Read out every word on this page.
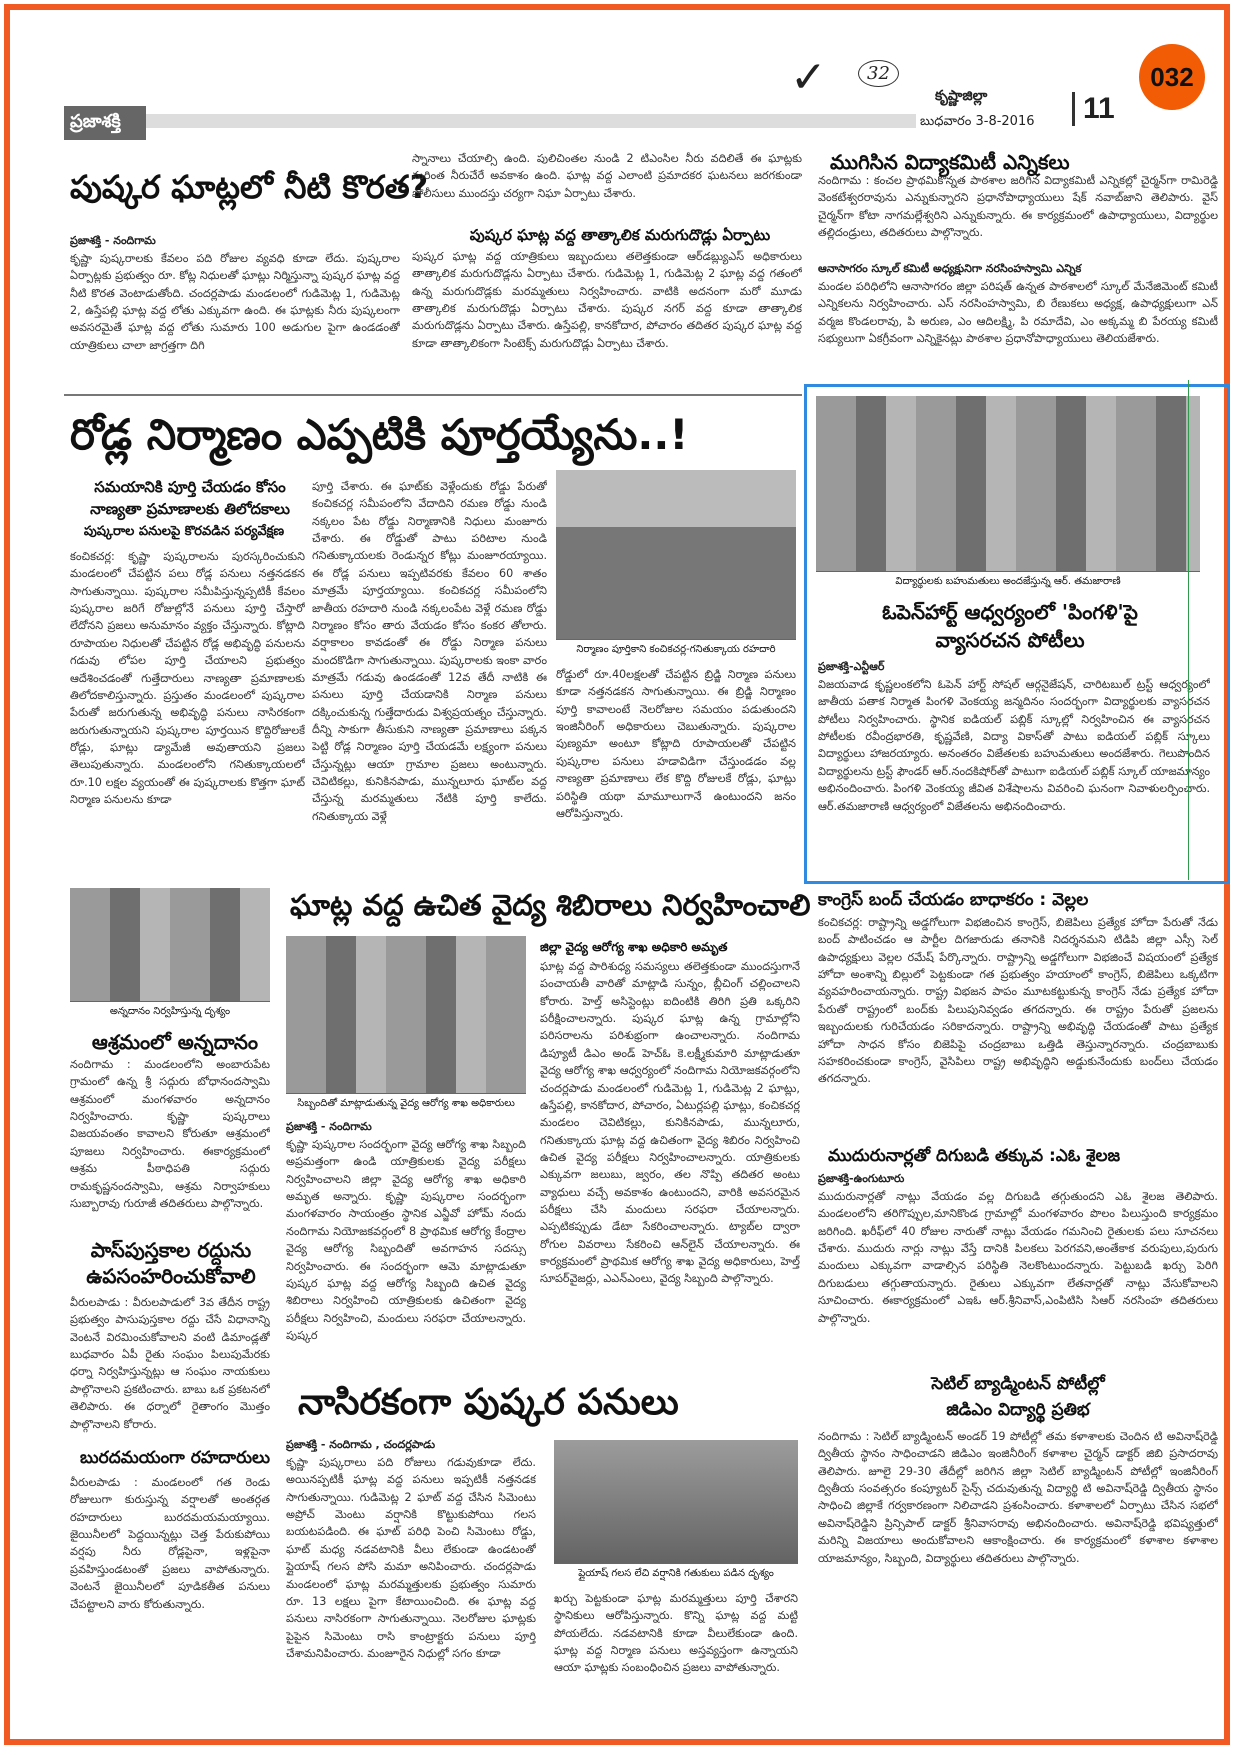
032
✓	32
ప్రజాశక్తి
కృష్ణాజిల్లా
బుధవారం 3-8-2016	11
పుష్కర ఘాట్లలో నీటి కొరత?
ప్రజాశక్తి - నందిగామ
కృష్ణా పుష్కరాలకు కేవలం పది రోజుల వ్యవధి కూడా లేదు. పుష్కరాల ఏర్పాట్లకు ప్రభుత్వం రూ. కోట్ల నిధులతో ఘాట్లు నిర్మిస్తున్నా పుష్కర ఘాట్ల వద్ద నీటి కొరత వెంటాడుతోంది. చందర్లపాడు మండలంలో గుడిమెట్ల 1, గుడిమెట్ల 2, ఉస్తేపల్లి ఘాట్ల వద్ద లోతు ఎక్కువగా ఉంది. ఈ ఘాట్లకు నీరు పుష్కలంగా అవసరమైతే ఘాట్ల వద్ద లోతు సుమారు 100 అడుగుల పైగా ఉండడంతో యాత్రికులు చాలా జాగ్రత్తగా దిగి
స్నానాలు చేయాల్సి ఉంది. పులిచింతల నుండి 2 టిఎంసిల నీరు వదిలితే ఈ ఘాట్లకు మరింత నీరుచేరే అవకాశం ఉంది. ఘాట్ల వద్ద ఎలాంటి ప్రమాదకర ఘటనలు జరగకుండా పోలీసులు ముందస్తు చర్యగా నిఘా ఏర్పాటు చేశారు.
పుష్కర ఘాట్ల వద్ద తాత్కాలిక మరుగుదొడ్లు ఏర్పాటు
పుష్కర ఘాట్ల వద్ద యాత్రికులు ఇబ్బందులు తలెత్తకుండా ఆర్‌డబ్ల్యుఎస్ అధికారులు తాత్కాలిక మరుగుదొడ్లను ఏర్పాటు చేశారు. గుడిమెట్ల 1, గుడిమెట్ల 2 ఘాట్ల వద్ద గతంలో ఉన్న మరుగుదొడ్లకు మరమ్మతులు నిర్వహించారు. వాటికి అదనంగా మరో మూడు తాత్కాలిక మరుగుదొడ్లు ఏర్పాటు చేశారు. పుష్కర నగర్ వద్ద కూడా తాత్కాలిక మరుగుదొడ్లను ఏర్పాటు చేశారు. ఉస్తేపల్లి, కానకోదార, పోచారం తదితర పుష్కర ఘాట్ల వద్ద కూడా తాత్కాలికంగా సింటెక్స్ మరుగుదొడ్లు ఏర్పాటు చేశారు.
ముగిసిన విద్యాకమిటీ ఎన్నికలు
నందిగామ : కంచల ప్రాథమికోన్నత పాఠశాల జరిగిన విద్యాకమిటీ ఎన్నికల్లో చైర్మన్‌గా రామిరెడ్డి వెంకటేశ్వరరావును ఎన్నుకున్నారని ప్రధానోపాధ్యాయులు షేక్ నవాబ్‌జాని తెలిపారు. వైస్ చైర్మన్‌గా కోటా నాగమల్లేశ్వరిని ఎన్నుకున్నారు. ఈ కార్యక్రమంలో ఉపాధ్యాయులు, విద్యార్థుల తల్లిదండ్రులు, తదితరులు పాల్గొన్నారు.
ఆనాసాగరం స్కూల్ కమిటీ అధ్యక్షునిగా నరసింహస్వామి ఎన్నిక
మండల పరిధిలోని ఆనాసాగరం జిల్లా పరిషత్ ఉన్నత పాఠశాలలో స్కూల్ మేనేజిమెంట్ కమిటీ ఎన్నికలను నిర్వహించారు. ఎస్ నరసింహస్వామి, బి రేణుకలు అధ్యక్ష, ఉపాధ్యక్షులుగా ఎన్ వర్మజ కొండలరావు, పి అరుణ, ఎం ఆదిలక్ష్మి, పి రమాదేవి, ఎం అక్కమ్మ బి పేరయ్య కమిటీ సభ్యులుగా ఏకగ్రీవంగా ఎన్నికైనట్లు పాఠశాల ప్రధానోపాధ్యాయులు తెలియజేశారు.
రోడ్ల నిర్మాణం ఎప్పటికి పూర్తయ్యేను..!
సమయానికి పూర్తి చేయడం కోసం
నాణ్యతా ప్రమాణాలకు తిలోదకాలు
పుష్కరాల పనులపై కొరవడిన పర్యవేక్షణ
కంచికచర్ల: కృష్ణా పుష్కరాలను పురస్కరించుకుని మండలంలో చేపట్టిన పలు రోడ్ల పనులు నత్తనడకన సాగుతున్నాయి. పుష్కరాల సమీపిస్తున్నప్పటికీ కేవలం పుష్కరాల జరిగే రోజుల్లోనే పనులు పూర్తి చేస్తారో లేదోనని ప్రజలు అనుమానం వ్యక్తం చేస్తున్నారు. కోట్లాది రూపాయల నిధులతో చేపట్టిన రోడ్ల అభివృద్ధి పనులను గడువు లోపల పూర్తి చేయాలని ప్రభుత్వం ఆదేశించడంతో గుత్తేదారులు నాణ్యతా ప్రమాణాలకు తిలోదకాలిస్తున్నారు. ప్రస్తుతం మండలంలో పుష్కరాల పేరుతో జరుగుతున్న అభివృద్ధి పనులు నాసిరకంగా జరుగుతున్నాయని పుష్కరాల పూర్తయిన కొద్దిరోజులకే రోడ్లు, ఘాట్లు డ్యామేజీ అవుతాయని ప్రజలు తెలుపుతున్నారు. మండలంలోని గనితుక్కాయలలో రూ.10 లక్షల వ్యయంతో ఈ పుష్కరాలకు కొత్తగా ఘాట్ నిర్మాణ పనులను కూడా
పూర్తి చేశారు. ఈ ఘాట్‌కు వెళ్లేందుకు రోడ్డు పేరుతో కంచికచర్ల సమీపంలోని వేదాదిని రమణ రోడ్డు నుండి నక్కలం పేట రోడ్డు నిర్మాణానికి నిధులు మంజూరు చేశారు. ఈ రోడ్డుతో పాటు పరిటాల నుండి గనితుక్కాయలకు రెండున్నర కోట్లు మంజూరయ్యాయి. ఈ రోడ్ల పనులు ఇప్పటివరకు కేవలం 60 శాతం మాత్రమే పూర్తయ్యాయి. కంచికచర్ల సమీపంలోని జాతీయ రహదారి నుండి నక్కలంపేట వెళ్లే రమణ రోడ్డు నిర్మాణం కోసం తారు వేయడం కోసం కంకర తోలారు. వర్షాకాలం కావడంతో ఈ రోడ్డు నిర్మాణ పనులు మందకొడిగా సాగుతున్నాయి. పుష్కరాలకు ఇంకా వారం మాత్రమే గడువు ఉండడంతో 12వ తేదీ నాటికి ఈ పనులు పూర్తి చేయడానికి నిర్మాణ పనులు దక్కించుకున్న గుత్తేదారుడు విశ్వప్రయత్నం చేస్తున్నారు. దీన్ని సాకుగా తీసుకుని నాణ్యతా ప్రమాణాలు పక్కన పెట్టి రోడ్ల నిర్మాణం పూర్తి చేయడమే లక్ష్యంగా పనులు చేస్తున్నట్లు ఆయా గ్రామాల ప్రజలు అంటున్నారు. చెవిటికల్లు, కునికినపాడు, మున్నలూరు ఘాట్‌ల వద్ద చేస్తున్న మరమ్మతులు నేటికి పూర్తి కాలేదు. గనితుక్కాయ వెళ్లే
నిర్మాణం పూర్తికాని కంచికచర్ల-గనితుక్కాయ రహదారి
రోడ్డులో రూ.40లక్షలతో చేపట్టిన బ్రిడ్జి నిర్మాణ పనులు కూడా నత్తనడకన సాగుతున్నాయి. ఈ బ్రిడ్జి నిర్మాణం పూర్తి కావాలంటే నెలరోజుల సమయం పడుతుందని ఇంజినీరింగ్ అధికారులు చెబుతున్నారు. పుష్కరాల పుణ్యమా అంటూ కోట్లాది రూపాయలతో చేపట్టిన పుష్కరాల పనులు హడావిడిగా చేస్తుండడం వల్ల నాణ్యతా ప్రమాణాలు లేక కొద్ది రోజులకే రోడ్లు, ఘాట్లు పరిస్థితి యథా మామూలుగానే ఉంటుందని జనం ఆరోపిస్తున్నారు.
విద్యార్థులకు బహుమతులు అందజేస్తున్న ఆర్. తమజారాణి
ఓపెన్‌హార్ట్ ఆధ్వర్యంలో 'పింగళి'పై
వ్యాసరచన పోటీలు
ప్రజాశక్తి-ఎన్టీఆర్
విజయవాడ కృష్ణలంకలోని ఓపెన్ హార్ట్ సోషల్ ఆర్గనైజేషన్, చారిటబుల్ ట్రస్ట్ ఆధ్వర్యంలో జాతీయ పతాక నిర్మాత పింగళి వెంకయ్య జన్మదినం సందర్భంగా విద్యార్థులకు వ్యాసరచన పోటీలు నిర్వహించారు. స్థానిక ఐడియల్ పబ్లిక్ స్కూల్లో నిర్వహించిన ఈ వ్యాసరచన పోటీలకు రవీంద్రభారతి, కృష్ణవేణి, విద్యా వికాస్‌తో పాటు ఐడియల్ పబ్లిక్ స్కూలు విద్యార్థులు హాజరయ్యారు. అనంతరం విజేతలకు బహుమతులు అందజేశారు. గెలుపొందిన విద్యార్థులను ట్రస్ట్ ఫౌండర్ ఆర్.నందకిషోర్‌తో పాటుగా ఐడియల్ పబ్లిక్ స్కూల్ యాజమాన్యం అభినందించారు. పింగళి వెంకయ్య జీవిత విశేషాలను వివరించి ఘనంగా నివాళులర్పించారు. ఆర్.తమజారాణి ఆధ్వర్యంలో విజేతలను అభినందించారు.
కాంగ్రెస్ బంద్ చేయడం బాధాకరం : వెల్లల
కంచికచర్ల: రాష్ట్రాన్ని అడ్డగోలుగా విభజించిన కాంగ్రెస్, బిజెపిలు ప్రత్యేక హోదా పేరుతో నేడు బంద్ పాటించడం ఆ పార్టీల దిగజారుడు తనానికి నిదర్శనమని టిడిపి జిల్లా ఎస్సీ సెల్ ఉపాధ్యక్షులు వెల్లల రమేష్ పేర్కొన్నారు. రాష్ట్రాన్ని అడ్డగోలుగా విభజించే విషయంలో ప్రత్యేక హోదా అంశాన్ని బిల్లులో పెట్టకుండా గత ప్రభుత్వం హయాంలో కాంగ్రెస్, బిజెపిలు ఒక్కటిగా వ్యవహరించాయన్నారు. రాష్ట్ర విభజన పాపం మూటకట్టుకున్న కాంగ్రెస్ నేడు ప్రత్యేక హోదా పేరుతో రాష్ట్రంలో బంద్‌కు పిలుపునివ్వడం తగదన్నారు. ఈ రాష్ట్రం పేరుతో ప్రజలను ఇబ్బందులకు గురిచేయడం సరికాదన్నారు. రాష్ట్రాన్ని అభివృద్ధి చేయడంతో పాటు ప్రత్యేక హోదా సాధన కోసం బిజెపిపై చంద్రబాబు ఒత్తిడి తెస్తున్నారన్నారు. చంద్రబాబుకు సహకరించకుండా కాంగ్రెస్, వైసిపిలు రాష్ట్ర అభివృద్ధిని అడ్డుకునేందుకు బంద్‌లు చేయడం తగదన్నారు.
అన్నదానం నిర్వహిస్తున్న దృశ్యం
ఆశ్రమంలో అన్నదానం
నందిగామ : మండలంలోని అంబారుపేట గ్రామంలో ఉన్న శ్రీ సద్గురు బోధానందస్వామి ఆశ్రమంలో మంగళవారం అన్నదానం నిర్వహించారు. కృష్ణా పుష్కరాలు విజయవంతం కావాలని కోరుతూ ఆశ్రమంలో పూజలు నిర్వహించారు. ఈకార్యక్రమంలో ఆశ్రమ పీఠాధిపతి సద్గురు రామకృష్ణనందస్వామి, ఆశ్రమ నిర్వాహకులు సుబ్బారావు గురూజీ తదితరులు పాల్గొన్నారు.
పాస్‌పుస్తకాల రద్దును
ఉపసంహరించుకోవాలి
వీరులపాడు : వీరులపాడులో 3వ తేదీన రాష్ట్ర ప్రభుత్వం పాసుపుస్తకాల రద్దు చేసే విధానాన్ని వెంటనే విరమించుకోవాలని వంటి డిమాండ్లతో బుధవారం ఏపీ రైతు సంఘం పిలుపుమేరకు ధర్నా నిర్వహిస్తున్నట్లు ఆ సంఘం నాయకులు పాల్గొనాలని ప్రకటించారు. బాబు ఒక ప్రకటనలో తెలిపారు. ఈ ధర్నాలో రైతాంగం మొత్తం పాల్గొనాలని కోరారు.
బురదమయంగా రహదారులు
వీరులపాడు : మండలంలో గత రెండు రోజులుగా కురుస్తున్న వర్షాలతో అంతర్గత రహదారులు బురదమయమయ్యాయి. జైయినీలలో పెద్దయిన్నట్లు చెత్త పేరుకుపోయి వర్షపు నీరు రోడ్లపైనా, ఇళ్లపైనా ప్రవహిస్తుండటంతో ప్రజలు వాపోతున్నారు. వెంటనే జైయినీలలో పూడికతీత పనులు చేపట్టాలని వారు కోరుతున్నారు.
ఘాట్ల వద్ద ఉచిత వైద్య శిబిరాలు నిర్వహించాలి
సిబ్బందితో మాట్లాడుతున్న వైద్య ఆరోగ్య శాఖ అధికారులు
ప్రజాశక్తి - నందిగామ
కృష్ణా పుష్కరాల సందర్భంగా వైద్య ఆరోగ్య శాఖ సిబ్బంది అప్రమత్తంగా ఉండి యాత్రికులకు వైద్య పరీక్షలు నిర్వహించాలని జిల్లా వైద్య ఆరోగ్య శాఖ అధికారి అమృత అన్నారు. కృష్ణా పుష్కరాల సందర్భంగా మంగళవారం సాయంత్రం స్థానిక ఎన్జీవో హోమ్ నందు నందిగామ నియోజకవర్గంలో 8 ప్రాథమిక ఆరోగ్య కేంద్రాల వైద్య ఆరోగ్య సిబ్బందితో అవగాహన సదస్సు నిర్వహించారు. ఈ సందర్భంగా ఆమె మాట్లాడుతూ పుష్కర ఘాట్ల వద్ద ఆరోగ్య సిబ్బంది ఉచిత వైద్య శిబిరాలు నిర్వహించి యాత్రికులకు ఉచితంగా వైద్య పరీక్షలు నిర్వహించి, మందులు సరఫరా చేయాలన్నారు. పుష్కర
జిల్లా వైద్య ఆరోగ్య శాఖ అధికారి అమృత
ఘాట్ల వద్ద పారిశుధ్య సమస్యలు తలెత్తకుండా ముందస్తుగానే పంచాయతీ వారితో మాట్లాడి సున్నం, బ్లీచింగ్ చల్లించాలని కోరారు. హెల్త్ అసిస్టెంట్లు ఐదింటికి తిరిగి ప్రతి ఒక్కరిని పరీక్షించాలన్నారు. పుష్కర ఘాట్ల ఉన్న గ్రామాల్లోని పరిసరాలను పరిశుభ్రంగా ఉంచాలన్నారు. నందిగామ డిప్యూటీ డిఎం అండ్ హెచ్‌ఓ కె.లక్ష్మీకుమారి మాట్లాడుతూ వైద్య ఆరోగ్య శాఖ ఆధ్వర్యంలో నందిగామ నియోజకవర్గంలోని చందర్లపాడు మండలంలో గుడిమెట్ల 1, గుడిమెట్ల 2 ఘాట్లు, ఉస్తేపల్లి, కానకోదార, పోచారం, ఏటుర్లపల్లి ఘాట్లు, కంచికచర్ల మండలం చెవిటికల్లు, కునికినపాడు, మున్నలూరు, గనితుక్కాయ ఘాట్ల వద్ద ఉచితంగా వైద్య శిబిరం నిర్వహించి ఉచిత వైద్య పరీక్షలు నిర్వహించాలన్నారు. యాత్రికులకు ఎక్కువగా జలుబు, జ్వరం, తల నొప్పి తదితర అంటు వ్యాధులు వచ్చే అవకాశం ఉంటుందని, వారికి అవసరమైన పరీక్షలు చేసి మందులు సరఫరా చేయాలన్నారు. ఎప్పటికప్పుడు డేటా సేకరించాలన్నారు. ట్యాబ్‌ల ద్వారా రోగుల వివరాలు సేకరించి ఆన్‌లైన్ చేయాలన్నారు. ఈ కార్యక్రమంలో ప్రాథమిక ఆరోగ్య శాఖ వైద్య అధికారులు, హెల్త్ సూపర్‌వైజర్లు, ఎఎన్ఎంలు, వైద్య సిబ్బంది పాల్గొన్నారు.
నాసిరకంగా పుష్కర పనులు
ప్రజాశక్తి - నందిగామ , చందర్లపాడు
కృష్ణా పుష్కరాలు పది రోజులు గడువుకూడా లేదు. అయినప్పటికీ ఘాట్ల వద్ద పనులు ఇప్పటికీ నత్తనడక సాగుతున్నాయి. గుడిమెట్ల 2 ఘాట్ వద్ద చేసిన సిమెంటు అప్రోచ్ మెంటు వర్షానికి కొట్టుకుపోయి గలస బయటపడింది. ఈ ఘాట్ పరిధి పెంచి సిమెంటు రోడ్డు, ఘాట్ మధ్య నడవటానికి వీలు లేకుండా ఉండటంతో ప్లైయాష్ గలస పోసి మమా అనిపించారు. చందర్లపాడు మండలంలో ఘాట్ల మరమ్మత్తులకు ప్రభుత్వం సుమారు రూ. 13 లక్షలు పైగా కేటాయించింది. ఈ ఘాట్ల వద్ద పనులు నాసిరకంగా సాగుతున్నాయి. నెలరోజుల ఘాట్లకు పైపైన సిమెంటు రాసి కాంట్రాక్టరు పనులు పూర్తి చేశామనిపించారు. మంజూరైన నిధుల్లో సగం కూడా
ప్లైయాష్ గలస లేచి వర్షానికి గతుకులు పడిన దృశ్యం
ఖర్చు పెట్టకుండా ఘాట్ల మరమ్మత్తులు పూర్తి చేశారని స్థానికులు ఆరోపిస్తున్నారు. కొన్ని ఘాట్ల వద్ద మట్టి పోయలేదు. నడవటానికి కూడా వీలులేకుండా ఉంది. ఘాట్ల వద్ద నిర్మాణ పనులు అస్తవ్యస్తంగా ఉన్నాయని ఆయా ఘాట్లకు సంబంధించిన ప్రజలు వాపోతున్నారు.
ముదురునార్లతో దిగుబడి తక్కువ :ఎఓ శైలజ
ప్రజాశక్తి-ఉంగుటూరు
ముదురునార్లతో నాట్లు వేయడం వల్ల దిగుబడి తగ్గుతుందని ఎఓ శైలజ తెలిపారు. మండలంలోని తరిగొప్పుల,మానికొండ గ్రామాల్లో మంగళవారం పొలం పిలుస్తుంది కార్యక్రమం జరిగింది. ఖరీఫ్‌లో 40 రోజుల నారుతో నాట్లు వేయడం గమనించి రైతులకు పలు సూచనలు చేశారు. ముదురు నార్లు నాట్లు వేస్తే దానికి పిలకలు పెరగవని,అంతేకాక వరుపులు,పురుగు మందులు ఎక్కువగా వాడాల్సిన పరిస్థితి నెలకొంటుందన్నారు. పెట్టుబడి ఖర్చు పెరిగి దిగుబడులు తగ్గుతాయన్నారు. రైతులు ఎక్కువగా లేతనార్లతో నాట్లు వేసుకోవాలని సూచించారు. ఈకార్యక్రమంలో ఎఇఓ ఆర్.శ్రీనివాస్,ఎంపిటిసి సిఆర్ నరసింహ తదితరులు పాల్గొన్నారు.
సెటిల్ బ్యాడ్మింటన్ పోటీల్లో
జిడిఎం విద్యార్థి ప్రతిభ
నందిగామ : సెటిల్ బ్యాడ్మింటన్ అండర్ 19 పోటీల్లో తమ కళాశాలకు చెందిన టి అవినాష్‌రెడ్డి ద్వితీయ స్థానం సాధించాడని జిడిఎం ఇంజినీరింగ్ కళాశాల చైర్మన్ డాక్టర్ జిబి ప్రసాదరావు తెలిపారు. జూలై 29-30 తేదీల్లో జరిగిన జిల్లా సెటిల్ బ్యాడ్మింటన్ పోటీల్లో ఇంజినీరింగ్ ద్వితీయ సంవత్సరం కంప్యూటర్ సైన్స్ చదువుతున్న విద్యార్థి టి అవినాష్‌రెడ్డి ద్వితీయ స్థానం సాధించి జిల్లాకే గర్వకారణంగా నిలిచాడని ప్రశంసించారు. కళాశాలలో ఏర్పాటు చేసిన సభలో అవినాష్‌రెడ్డిని ప్రిన్సిపాల్ డాక్టర్ శ్రీనివాసరావు అభినందించారు. అవినాష్‌రెడ్డి భవిష్యత్తులో మరిన్ని విజయాలు అందుకోవాలని ఆకాంక్షించారు. ఈ కార్యక్రమంలో కళాశాల కళాశాల యాజమాన్యం, సిబ్బంది, విద్యార్థులు తదితరులు పాల్గొన్నారు.
